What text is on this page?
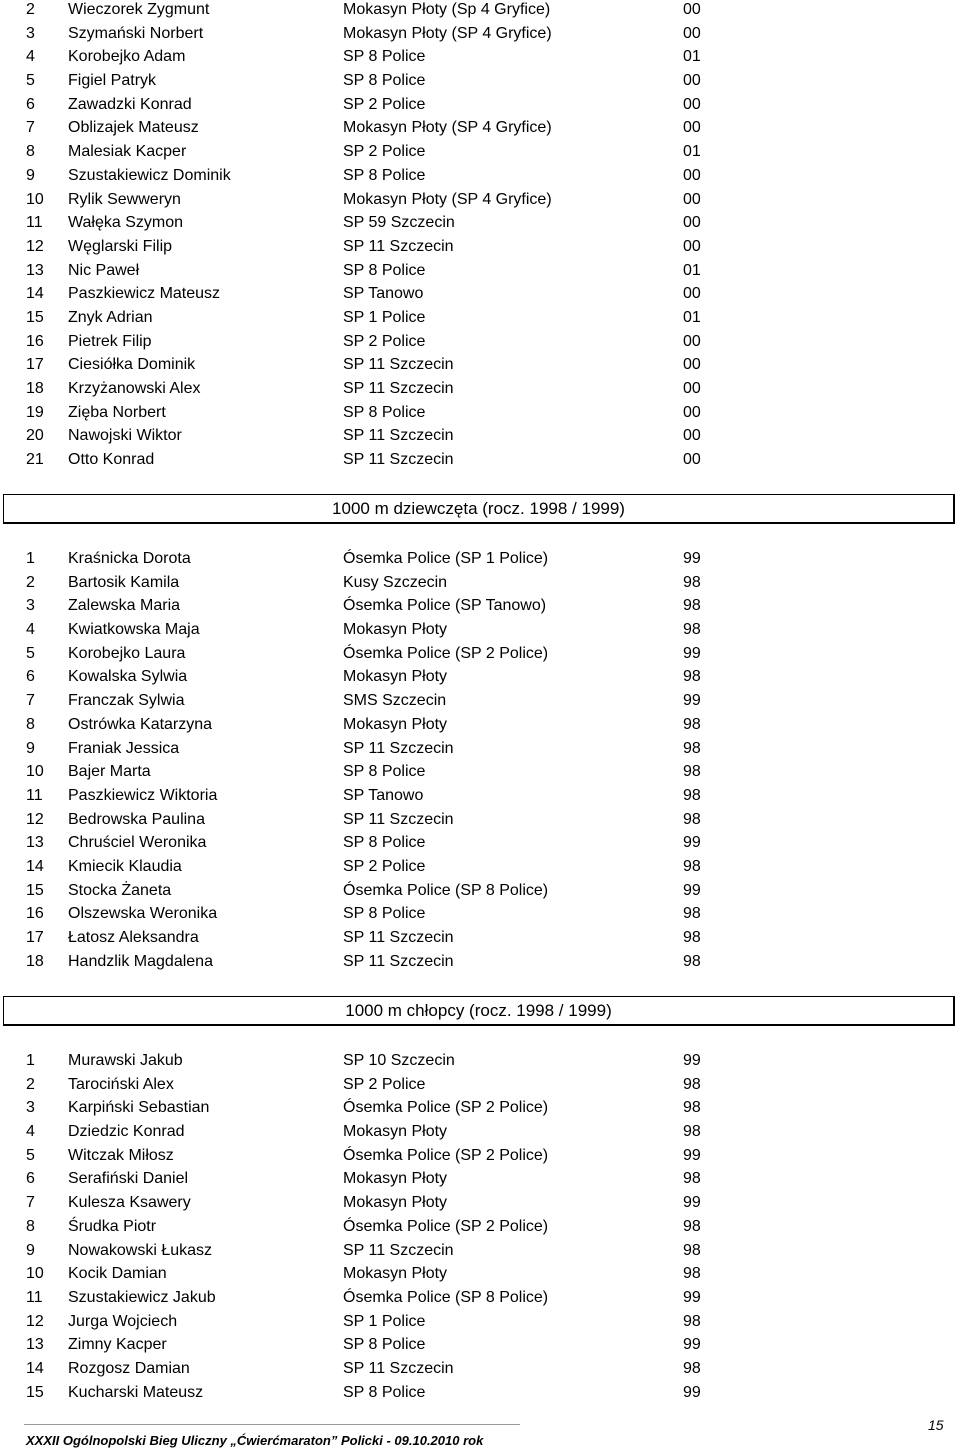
2 Wieczorek Zygmunt	Mokasyn Płoty (Sp 4 Gryfice)	00
3 Szymański Norbert	Mokasyn Płoty (SP 4 Gryfice)	00
4 Korobejko Adam	SP 8 Police	01
5 Figiel Patryk	SP 8 Police	00
6 Zawadzki Konrad	SP 2 Police	00
7 Oblizajek Mateusz	Mokasyn Płoty (SP 4 Gryfice)	00
8 Malesiak Kacper	SP 2 Police	01
9 Szustakiewicz Dominik	SP 8 Police	00
10 Rylik Sewweryn	Mokasyn Płoty (SP 4 Gryfice)	00
11 Wałęka Szymon	SP 59 Szczecin	00
12 Węglarski Filip	SP 11 Szczecin	00
13 Nic Paweł	SP 8 Police	01
14 Paszkiewicz Mateusz	SP Tanowo	00
15 Znyk Adrian	SP 1 Police	01
16 Pietrek Filip	SP 2 Police	00
17 Ciesiółka Dominik	SP 11 Szczecin	00
18 Krzyżanowski Alex	SP 11 Szczecin	00
19 Zięba Norbert	SP 8 Police	00
20 Nawojski Wiktor	SP 11 Szczecin	00
21 Otto Konrad	SP 11 Szczecin	00
1000 m dziewczęta (rocz. 1998 / 1999)
1 Kraśnicka Dorota	Ósemka Police (SP 1 Police)	99
2 Bartosik Kamila	Kusy Szczecin	98
3 Zalewska Maria	Ósemka Police (SP Tanowo)	98
4 Kwiatkowska Maja	Mokasyn Płoty	98
5 Korobejko Laura	Ósemka Police (SP 2 Police)	99
6 Kowalska Sylwia	Mokasyn Płoty	98
7 Franczak Sylwia	SMS Szczecin	99
8 Ostrówka Katarzyna	Mokasyn Płoty	98
9 Franiak Jessica	SP 11 Szczecin	98
10 Bajer Marta	SP 8 Police	98
11 Paszkiewicz Wiktoria	SP Tanowo	98
12 Bedrowska Paulina	SP 11 Szczecin	98
13 Chruściel Weronika	SP 8 Police	99
14 Kmiecik Klaudia	SP 2 Police	98
15 Stocka Żaneta	Ósemka Police (SP 8 Police)	99
16 Olszewska Weronika	SP 8 Police	98
17 Łatosz Aleksandra	SP 11 Szczecin	98
18 Handzlik Magdalena	SP 11 Szczecin	98
1000 m chłopcy (rocz. 1998 / 1999)
1 Murawski Jakub	SP 10 Szczecin	99
2 Tarociński Alex	SP 2 Police	98
3 Karpiński Sebastian	Ósemka Police (SP 2 Police)	98
4 Dziedzic Konrad	Mokasyn Płoty	98
5 Witczak Miłosz	Ósemka Police (SP 2 Police)	99
6 Serafiński Daniel	Mokasyn Płoty	98
7 Kulesza Ksawery	Mokasyn Płoty	99
8 Śrudka Piotr	Ósemka Police (SP 2 Police)	98
9 Nowakowski Łukasz	SP 11 Szczecin	98
10 Kocik Damian	Mokasyn Płoty	98
11 Szustakiewicz Jakub	Ósemka Police (SP 8 Police)	99
12 Jurga Wojciech	SP 1 Police	98
13 Zimny Kacper	SP 8 Police	99
14 Rozgosz Damian	SP 11 Szczecin	98
15 Kucharski Mateusz	SP 8 Police	99
XXXII Ogólnopolski Bieg Uliczny „Ćwierćmaraton” Policki - 09.10.2010 rok
15
